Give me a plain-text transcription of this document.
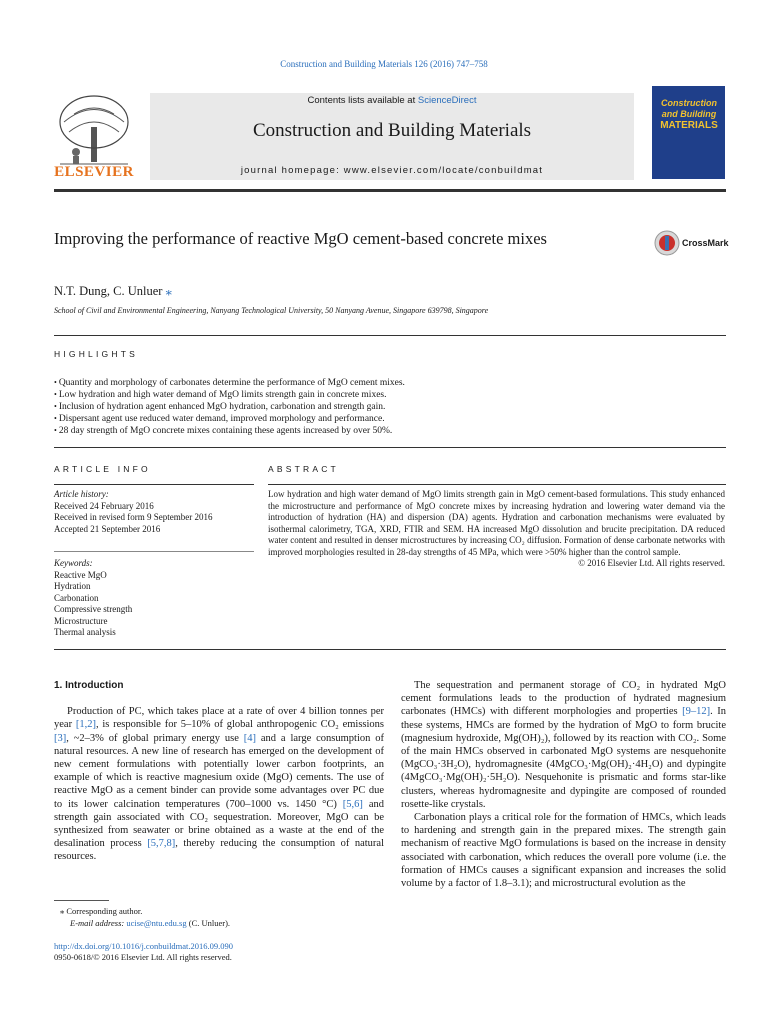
Construction and Building Materials 126 (2016) 747–758
ELSEVIER
Contents lists available at ScienceDirect
Construction and Building Materials
journal homepage: www.elsevier.com/locate/conbuildmat
Construction
and Building
MATERIALS
Improving the performance of reactive MgO cement-based concrete mixes	CrossMark
N.T. Dung, C. Unluer ⁎
School of Civil and Environmental Engineering, Nanyang Technological University, 50 Nanyang Avenue, Singapore 639798, Singapore
HIGHLIGHTS
• Quantity and morphology of carbonates determine the performance of MgO cement mixes.
• Low hydration and high water demand of MgO limits strength gain in concrete mixes.
• Inclusion of hydration agent enhanced MgO hydration, carbonation and strength gain.
• Dispersant agent use reduced water demand, improved morphology and performance.
• 28 day strength of MgO concrete mixes containing these agents increased by over 50%.
ARTICLE INFO
Article history:
Received 24 February 2016
Received in revised form 9 September 2016
Accepted 21 September 2016
Keywords:
Reactive MgO
Hydration
Carbonation
Compressive strength
Microstructure
Thermal analysis
ABSTRACT
Low hydration and high water demand of MgO limits strength gain in MgO cement-based formulations. This study enhanced the microstructure and performance of MgO concrete mixes by increasing hydration and lowering water demand via the introduction of hydration (HA) and dispersion (DA) agents. Hydration and carbonation mechanisms were evaluated by isothermal calorimetry, TGA, XRD, FTIR and SEM. HA increased MgO dissolution and brucite precipitation. DA reduced water content and resulted in denser microstructures by increasing CO₂ diffusion. Formation of dense carbonate networks with improved morphologies resulted in 28-day strengths of 45 MPa, which were >50% higher than the control sample.
© 2016 Elsevier Ltd. All rights reserved.
1. Introduction

Production of PC, which takes place at a rate of over 4 billion tonnes per year [1,2], is responsible for 5–10% of global anthropogenic CO₂ emissions [3], ~2–3% of global primary energy use [4] and a large consumption of natural resources. A new line of research has emerged on the development of new cement formulations with potentially lower carbon footprints, an example of which is reactive magnesium oxide (MgO) cements. The use of reactive MgO as a cement binder can provide some advantages over PC due to its lower calcination temperatures (700–1000 vs. 1450 °C) [5,6] and strength gain associated with CO₂ sequestration. Moreover, MgO can be synthesized from seawater or brine obtained as a waste at the end of the desalination process [5,7,8], thereby reducing the consumption of natural resources.

The sequestration and permanent storage of CO₂ in hydrated MgO cement formulations leads to the production of hydrated magnesium carbonates (HMCs) with different morphologies and properties [9–12]. In these systems, HMCs are formed by the hydration of MgO to form brucite (magnesium hydroxide, Mg(OH)₂), followed by its reaction with CO₂. Some of the main HMCs observed in carbonated MgO systems are nesquehonite (MgCO₃·3H₂O), hydromagnesite (4MgCO₃·Mg(OH)₂·4H₂O) and dypingite (4MgCO₃·Mg(OH)₂·5H₂O). Nesquehonite is prismatic and forms star-like clusters, whereas hydromagnesite and dypingite are composed of rounded rosette-like crystals.

Carbonation plays a critical role for the formation of HMCs, which leads to hardening and strength gain in the prepared mixes. The strength gain mechanism of reactive MgO formulations is based on the increase in density associated with carbonation, which reduces the overall pore volume (i.e. the formation of HMCs causes a significant expansion and increases the solid volume by a factor of 1.8–3.1); and microstructural evolution as the

⁎ Corresponding author.
E-mail address: ucise@ntu.edu.sg (C. Unluer).
http://dx.doi.org/10.1016/j.conbuildmat.2016.09.090
0950-0618/© 2016 Elsevier Ltd. All rights reserved.
